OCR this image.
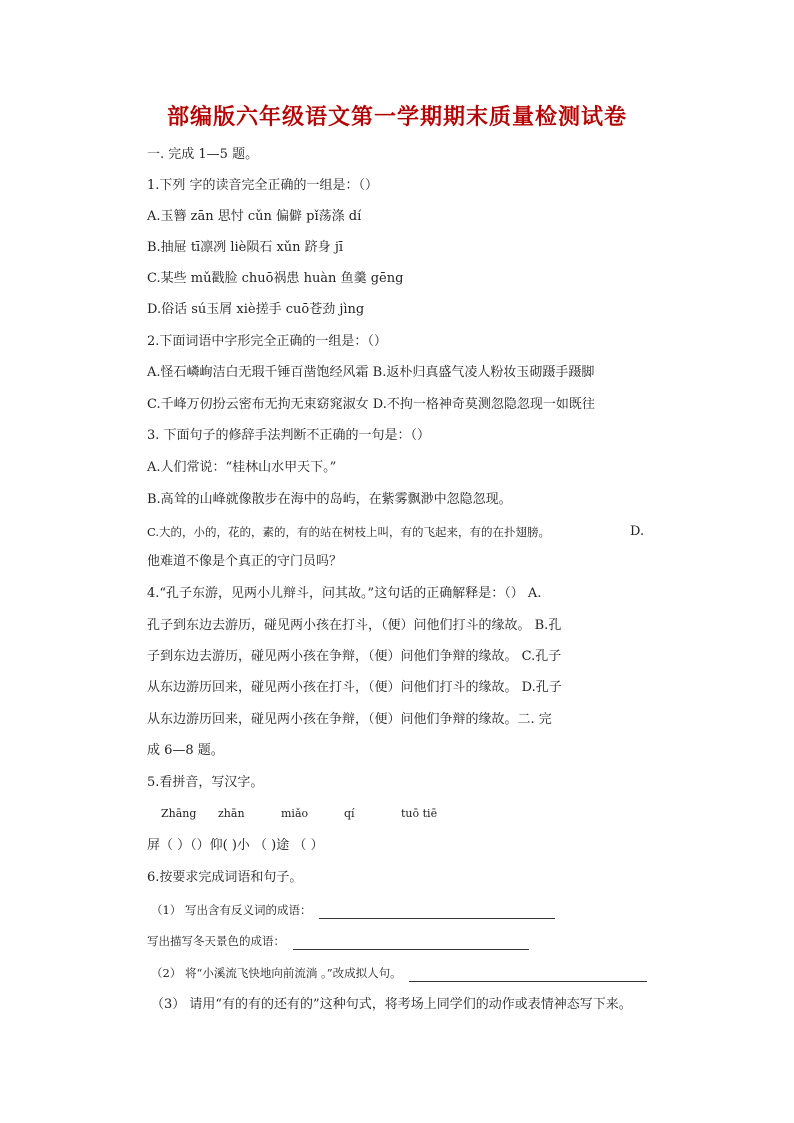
部编版六年级语文第一学期期末质量检测试卷
一. 完成 1—5 题。
1.下列 字的读音完全正确的一组是：（）
A.玉簪 zān 思忖 cǔn 偏僻 pǐ荡涤 dí
B.抽屉 tī凛冽 liè陨石 xǔn 跻身 jī
C.某些 mǔ戳脸 chuō祸患 huàn 鱼羹 gēng
D.俗话 sú玉屑 xiè搓手 cuō苍劲 jìng
2.下面词语中字形完全正确的一组是：（）
A.怪石嶙峋洁白无瑕千锤百凿饱经风霜 B.返朴归真盛气凌人粉妆玉砌蹑手蹑脚
C.千峰万仞扮云密布无拘无束窈窕淑女 D.不拘一格神奇莫测忽隐忽现一如既往
3. 下面句子的修辞手法判断不正确的一句是：（）
A.人们常说：“桂林山水甲天下。”
B.高耸的山峰就像散步在海中的岛屿，在紫雾飘渺中忽隐忽现。
C.大的，小的，花的，素的，有的站在树枝上叫，有的飞起来，有的在扑翅膀。	D.
他难道不像是个真正的守门员吗？
4.“孔子东游，见两小儿辩斗，问其故。”这句话的正确解释是：（） A.
孔子到东边去游历，碰见两小孩在打斗，（便）问他们打斗的缘故。 B.孔
子到东边去游历，碰见两小孩在争辩，（便）问他们争辩的缘故。 C.孔子
从东边游历回来，碰见两小孩在打斗，（便）问他们打斗的缘故。 D.孔子
从东边游历回来，碰见两小孩在争辩，（便）问他们争辩的缘故。二. 完
成 6—8 题。
5.看拼音，写汉字。
Zhāng zhān	miǎo	qí	tuō tiē
屏（ ）（）仰( )小 （ )途 （ ）
6.按要求完成词语和句子。
（1） 写出含有反义词的成语：
写出描写冬天景色的成语：
（2） 将“小溪流飞快地向前流淌 。”改成拟人句。
（3） 请用“有的有的还有的”这种句式，将考场上同学们的动作或表情神态写下来。
